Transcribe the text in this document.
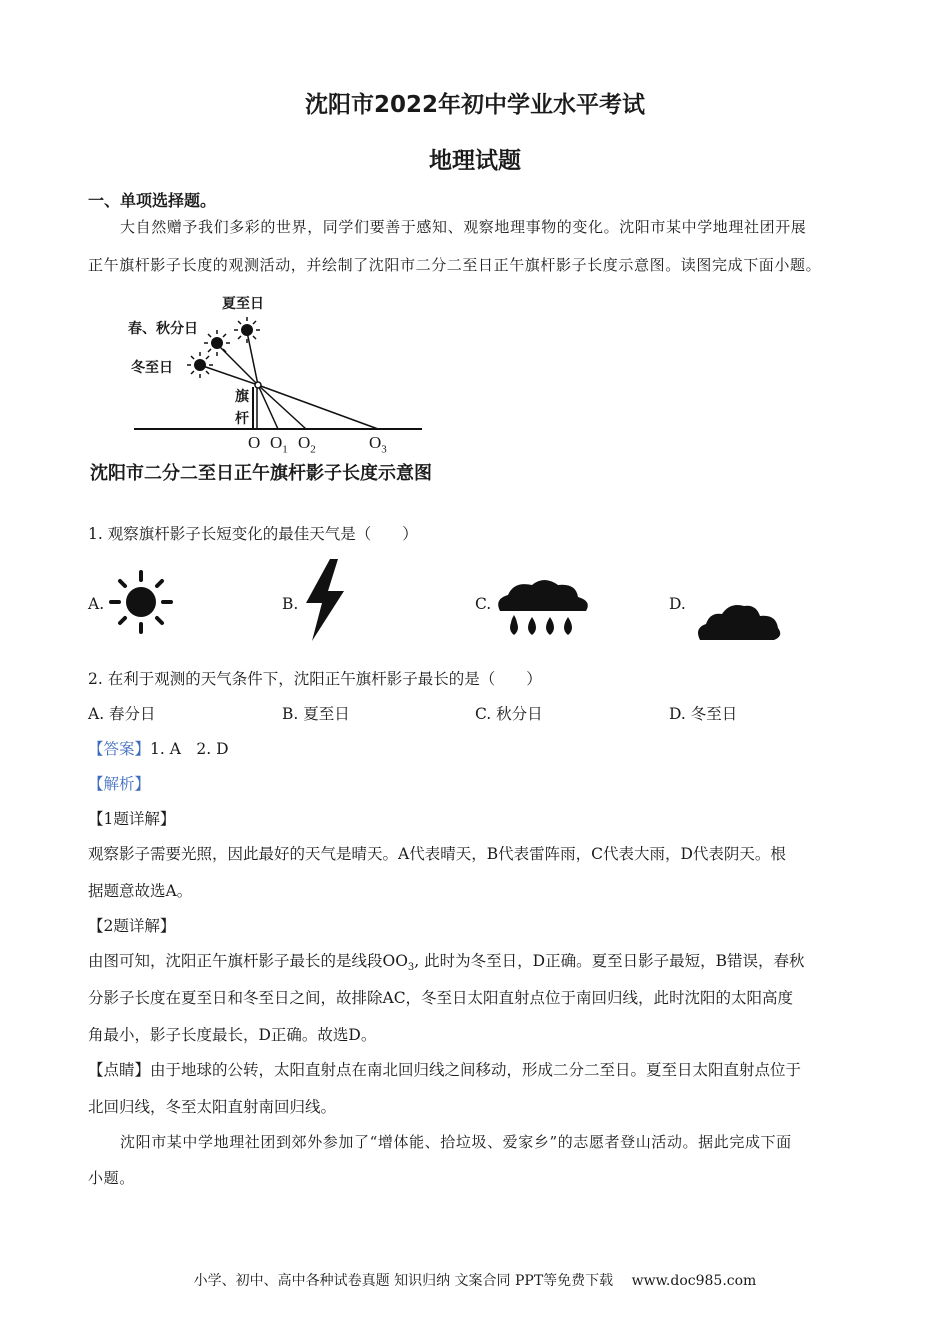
沈阳市2022年初中学业水平考试
地理试题
一、单项选择题。
大自然赠予我们多彩的世界，同学们要善于感知、观察地理事物的变化。沈阳市某中学地理社团开展
正午旗杆影子长度的观测活动，并绘制了沈阳市二分二至日正午旗杆影子长度示意图。读图完成下面小题。
夏至日
春、秋分日
冬至日
旗
杆
O $O_1$ $O_2$	$O_3$
沈阳市二分二至日正午旗杆影子长度示意图
1. 观察旗杆影子长短变化的最佳天气是（　　）
A.	B.	C.	D.
2. 在利于观测的天气条件下，沈阳正午旗杆影子最长的是（　　）
A. 春分日	B. 夏至日	C. 秋分日	D. 冬至日
【答案】1. A　2. D
【解析】
【1题详解】
观察影子需要光照，因此最好的天气是晴天。A代表晴天，B代表雷阵雨，C代表大雨，D代表阴天。根
据题意故选A。
【2题详解】
由图可知，沈阳正午旗杆影子最长的是线段$OO_3$, 此时为冬至日，D正确。夏至日影子最短，B错误，春秋
分影子长度在夏至日和冬至日之间，故排除AC，冬至日太阳直射点位于南回归线，此时沈阳的太阳高度
角最小，影子长度最长，D正确。故选D。
【点睛】由于地球的公转，太阳直射点在南北回归线之间移动，形成二分二至日。夏至日太阳直射点位于
北回归线，冬至太阳直射南回归线。
沈阳市某中学地理社团到郊外参加了“增体能、拾垃圾、爱家乡”的志愿者登山活动。据此完成下面
小题。
小学、初中、高中各种试卷真题 知识归纳 文案合同 PPT等免费下载　 www.doc985.com
